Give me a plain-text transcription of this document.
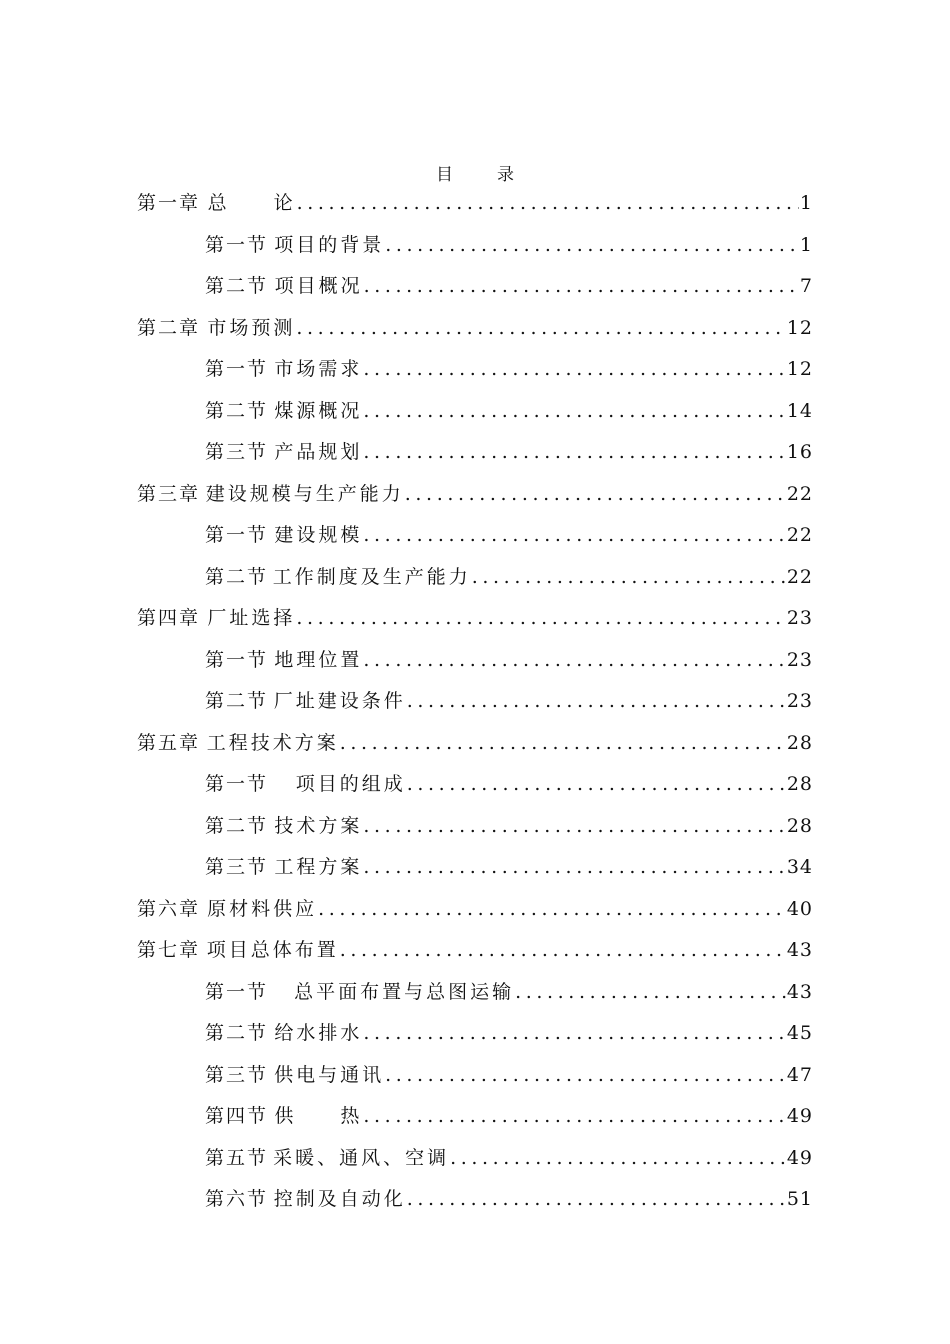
目	录
第一章 总　　论 .....	1
第一节 项目的背景 .....	1
第二节 项目概况 .....	7
第二章 市场预测 .....	12
第一节 市场需求 .....	12
第二节 煤源概况 .....	14
第三节 产品规划 .....	16
第三章 建设规模与生产能力 .....	22
第一节 建设规模 .....	22
第二节 工作制度及生产能力 .....	22
第四章 厂址选择 .....	23
第一节 地理位置 .....	23
第二节 厂址建设条件 .....	23
第五章 工程技术方案 .....	28
第一节 　项目的组成 .....	28
第二节 技术方案 .....	28
第三节 工程方案 .....	34
第六章 原材料供应 .....	40
第七章 项目总体布置 .....	43
第一节 　总平面布置与总图运输 .....	43
第二节 给水排水 .....	45
第三节 供电与通讯 .....	47
第四节 供　　热 .....	49
第五节 采暖、通风、空调 .....	49
第六节 控制及自动化 .....	51
